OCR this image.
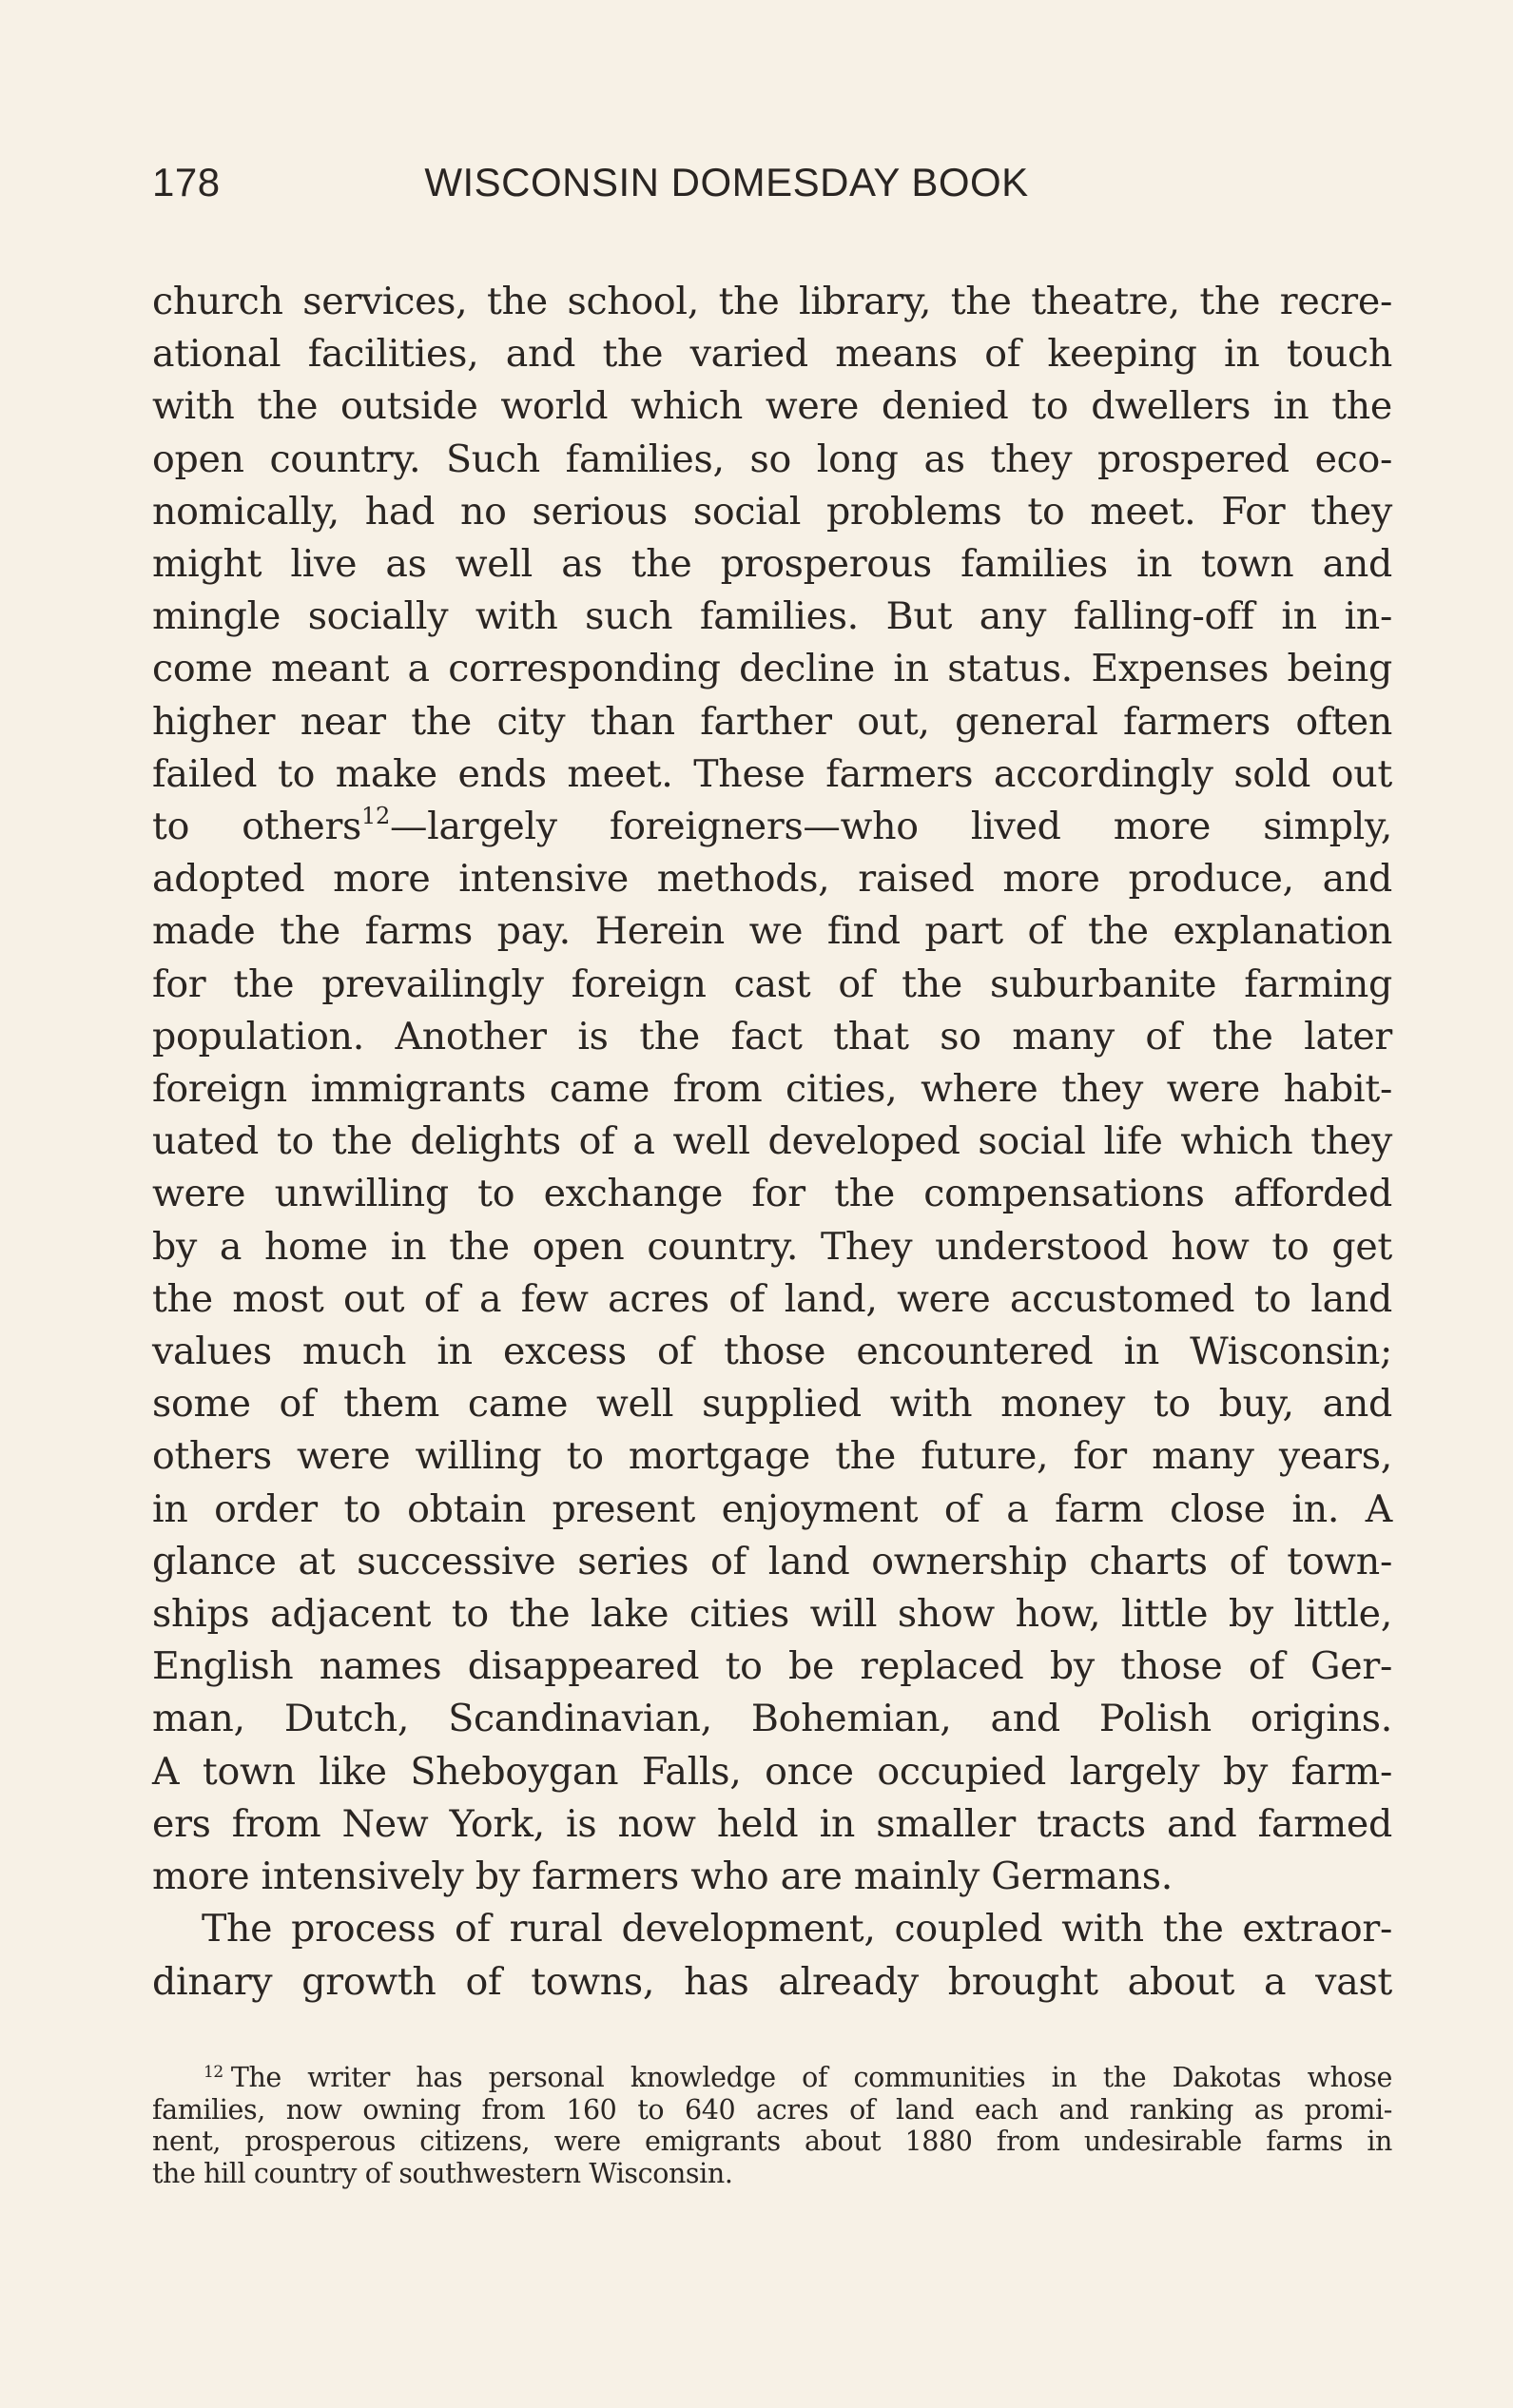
178	WISCONSIN DOMESDAY BOOK
church services, the school, the library, the theatre, the recre-
ational facilities, and the varied means of keeping in touch
with the outside world which were denied to dwellers in the
open country. Such families, so long as they prospered eco-
nomically, had no serious social problems to meet. For they
might live as well as the prosperous families in town and
mingle socially with such families. But any falling-off in in-
come meant a corresponding decline in status. Expenses being
higher near the city than farther out, general farmers often
failed to make ends meet. These farmers accordingly sold out
to others$^{12}$—largely foreigners—who lived more simply,
adopted more intensive methods, raised more produce, and
made the farms pay. Herein we find part of the explanation
for the prevailingly foreign cast of the suburbanite farming
population. Another is the fact that so many of the later
foreign immigrants came from cities, where they were habit-
uated to the delights of a well developed social life which they
were unwilling to exchange for the compensations afforded
by a home in the open country. They understood how to get
the most out of a few acres of land, were accustomed to land
values much in excess of those encountered in Wisconsin;
some of them came well supplied with money to buy, and
others were willing to mortgage the future, for many years,
in order to obtain present enjoyment of a farm close in. A
glance at successive series of land ownership charts of town-
ships adjacent to the lake cities will show how, little by little,
English names disappeared to be replaced by those of Ger-
man, Dutch, Scandinavian, Bohemian, and Polish origins.
A town like Sheboygan Falls, once occupied largely by farm-
ers from New York, is now held in smaller tracts and farmed
more intensively by farmers who are mainly Germans.
The process of rural development, coupled with the extraor-
dinary growth of towns, has already brought about a vast
$^{12}$ The writer has personal knowledge of communities in the Dakotas whose
families, now owning from 160 to 640 acres of land each and ranking as promi-
nent, prosperous citizens, were emigrants about 1880 from undesirable farms in
the hill country of southwestern Wisconsin.
